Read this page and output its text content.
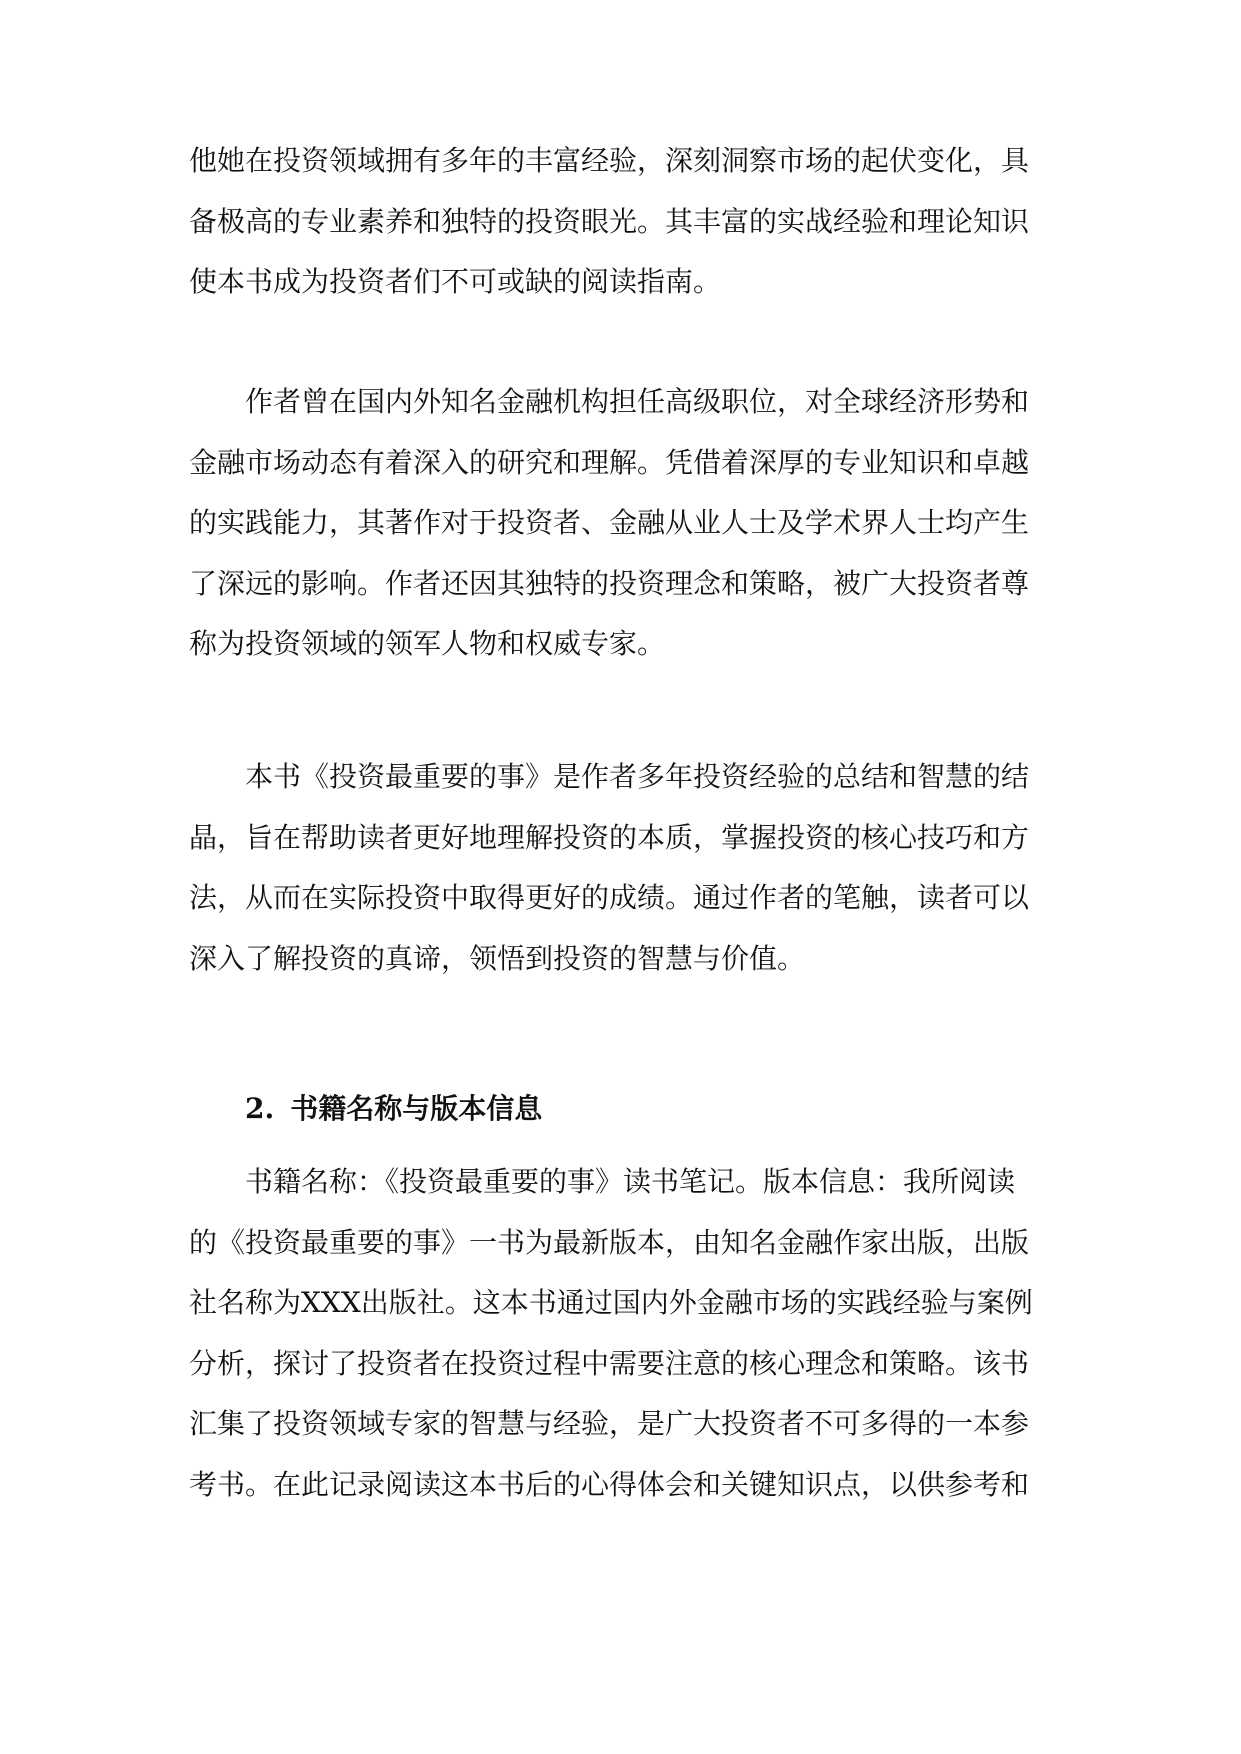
他她在投资领域拥有多年的丰富经验，深刻洞察市场的起伏变化，具
备极高的专业素养和独特的投资眼光。其丰富的实战经验和理论知识
使本书成为投资者们不可或缺的阅读指南。
作者曾在国内外知名金融机构担任高级职位，对全球经济形势和
金融市场动态有着深入的研究和理解。凭借着深厚的专业知识和卓越
的实践能力，其著作对于投资者、金融从业人士及学术界人士均产生
了深远的影响。作者还因其独特的投资理念和策略，被广大投资者尊
称为投资领域的领军人物和权威专家。
本书《投资最重要的事》是作者多年投资经验的总结和智慧的结
晶，旨在帮助读者更好地理解投资的本质，掌握投资的核心技巧和方
法，从而在实际投资中取得更好的成绩。通过作者的笔触，读者可以
深入了解投资的真谛，领悟到投资的智慧与价值。
2. 书籍名称与版本信息
书籍名称：《投资最重要的事》读书笔记。版本信息：我所阅读
的《投资最重要的事》一书为最新版本，由知名金融作家出版，出版
社名称为XXX出版社。这本书通过国内外金融市场的实践经验与案例
分析，探讨了投资者在投资过程中需要注意的核心理念和策略。该书
汇集了投资领域专家的智慧与经验，是广大投资者不可多得的一本参
考书。在此记录阅读这本书后的心得体会和关键知识点，以供参考和
